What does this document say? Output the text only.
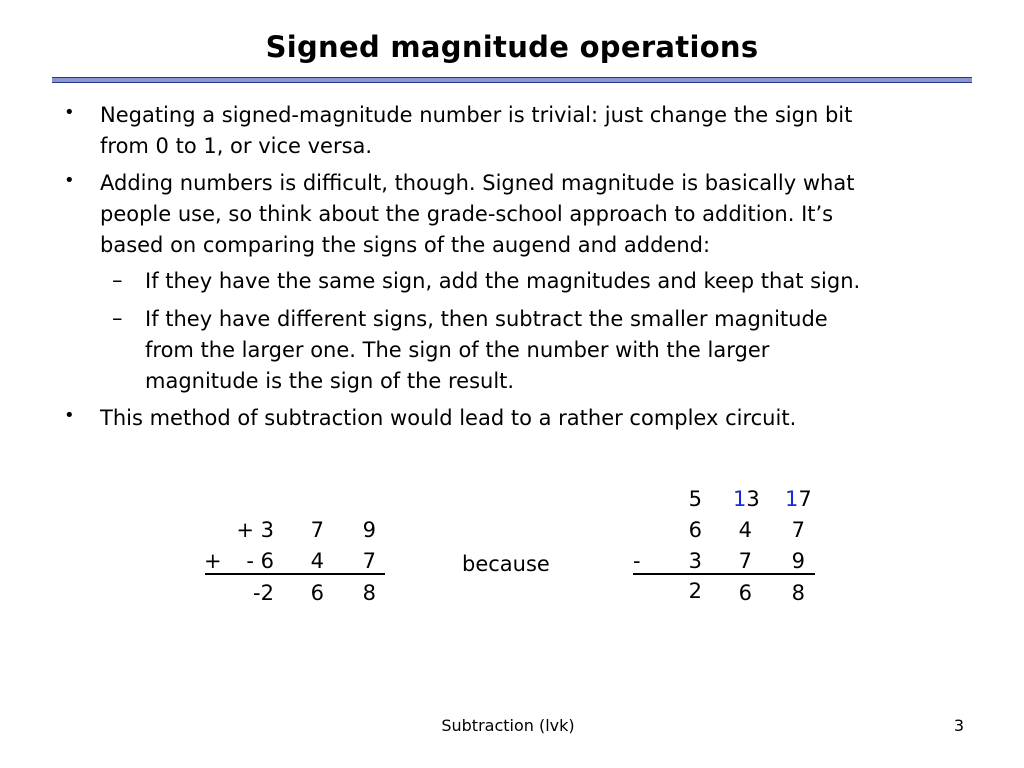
Signed magnitude operations
• Negating a signed-magnitude number is trivial: just change the sign bit
from 0 to 1, or vice versa.
• Adding numbers is difficult, though. Signed magnitude is basically what
people use, so think about the grade-school approach to addition. It’s
based on comparing the signs of the augend and addend:
– If they have the same sign, add the magnitudes and keep that sign.
– If they have different signs, then subtract the smaller magnitude
from the larger one. The sign of the number with the larger
magnitude is the sign of the result.
• This method of subtraction would lead to a rather complex circuit.
+ 3	7	9
+	- 6	4	7
-2	6	8
because
5 13 17
6	4	7
-	3	7	9
2	6	8
Subtraction (lvk)	3
